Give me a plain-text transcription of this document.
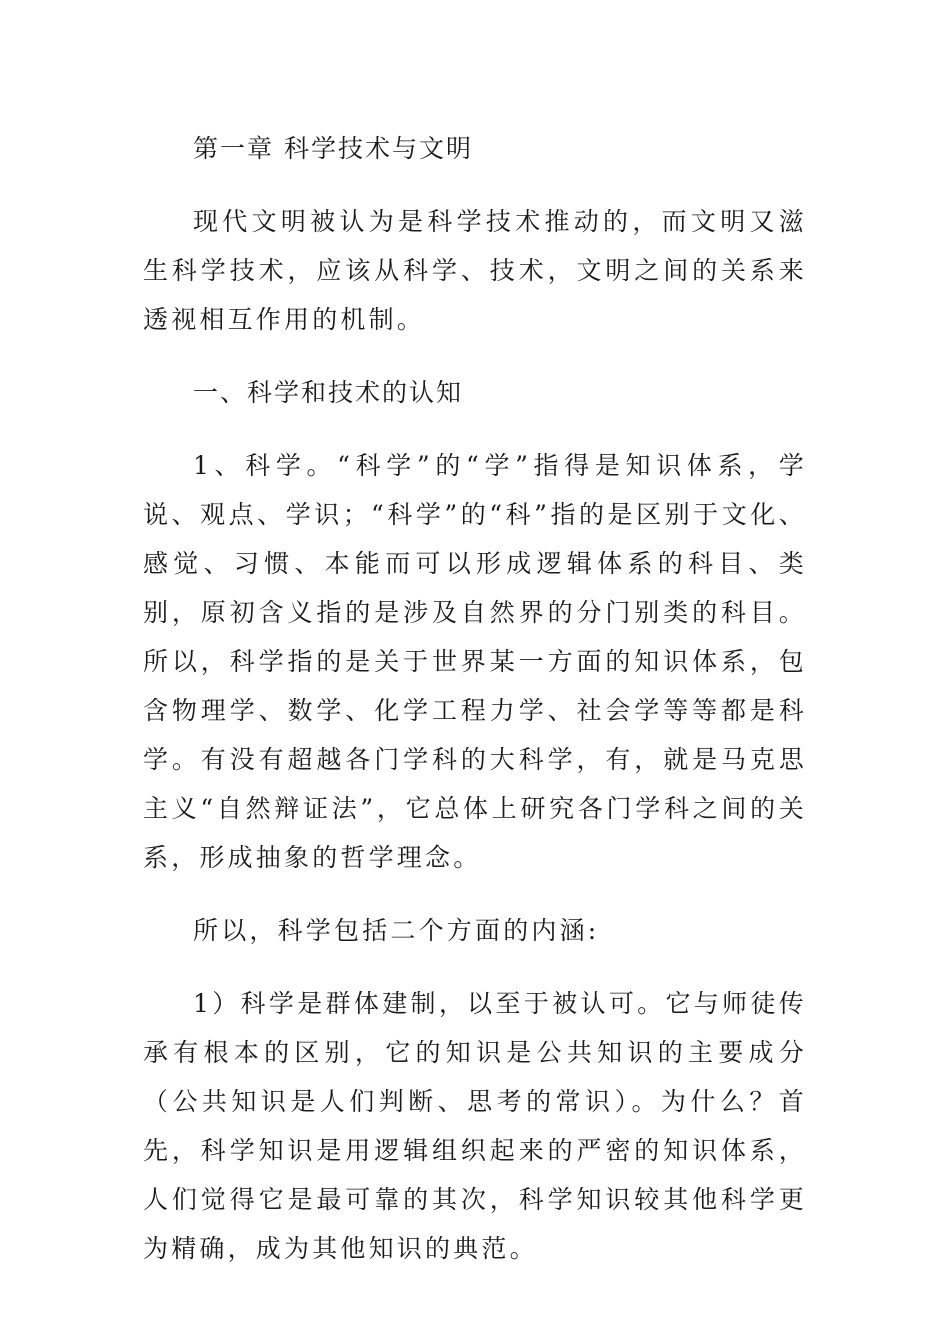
第一章 科学技术与文明

现代文明被认为是科学技术推动的，而文明又滋生科学技术，应该从科学、技术，文明之间的关系来透视相互作用的机制。

一、科学和技术的认知

1、科学。“科学”的“学”指得是知识体系，学说、观点、学识；“科学”的“科”指的是区别于文化、感觉、习惯、本能而可以形成逻辑体系的科目、类别，原初含义指的是涉及自然界的分门别类的科目。所以，科学指的是关于世界某一方面的知识体系，包含物理学、数学、化学工程力学、社会学等等都是科学。有没有超越各门学科的大科学，有，就是马克思主义“自然辩证法”，它总体上研究各门学科之间的关系，形成抽象的哲学理念。

所以，科学包括二个方面的内涵:

1）科学是群体建制，以至于被认可。它与师徒传承有根本的区别，它的知识是公共知识的主要成分（公共知识是人们判断、思考的常识）。为什么？首先，科学知识是用逻辑组织起来的严密的知识体系，人们觉得它是最可靠的其次，科学知识较其他科学更为精确，成为其他知识的典范。
